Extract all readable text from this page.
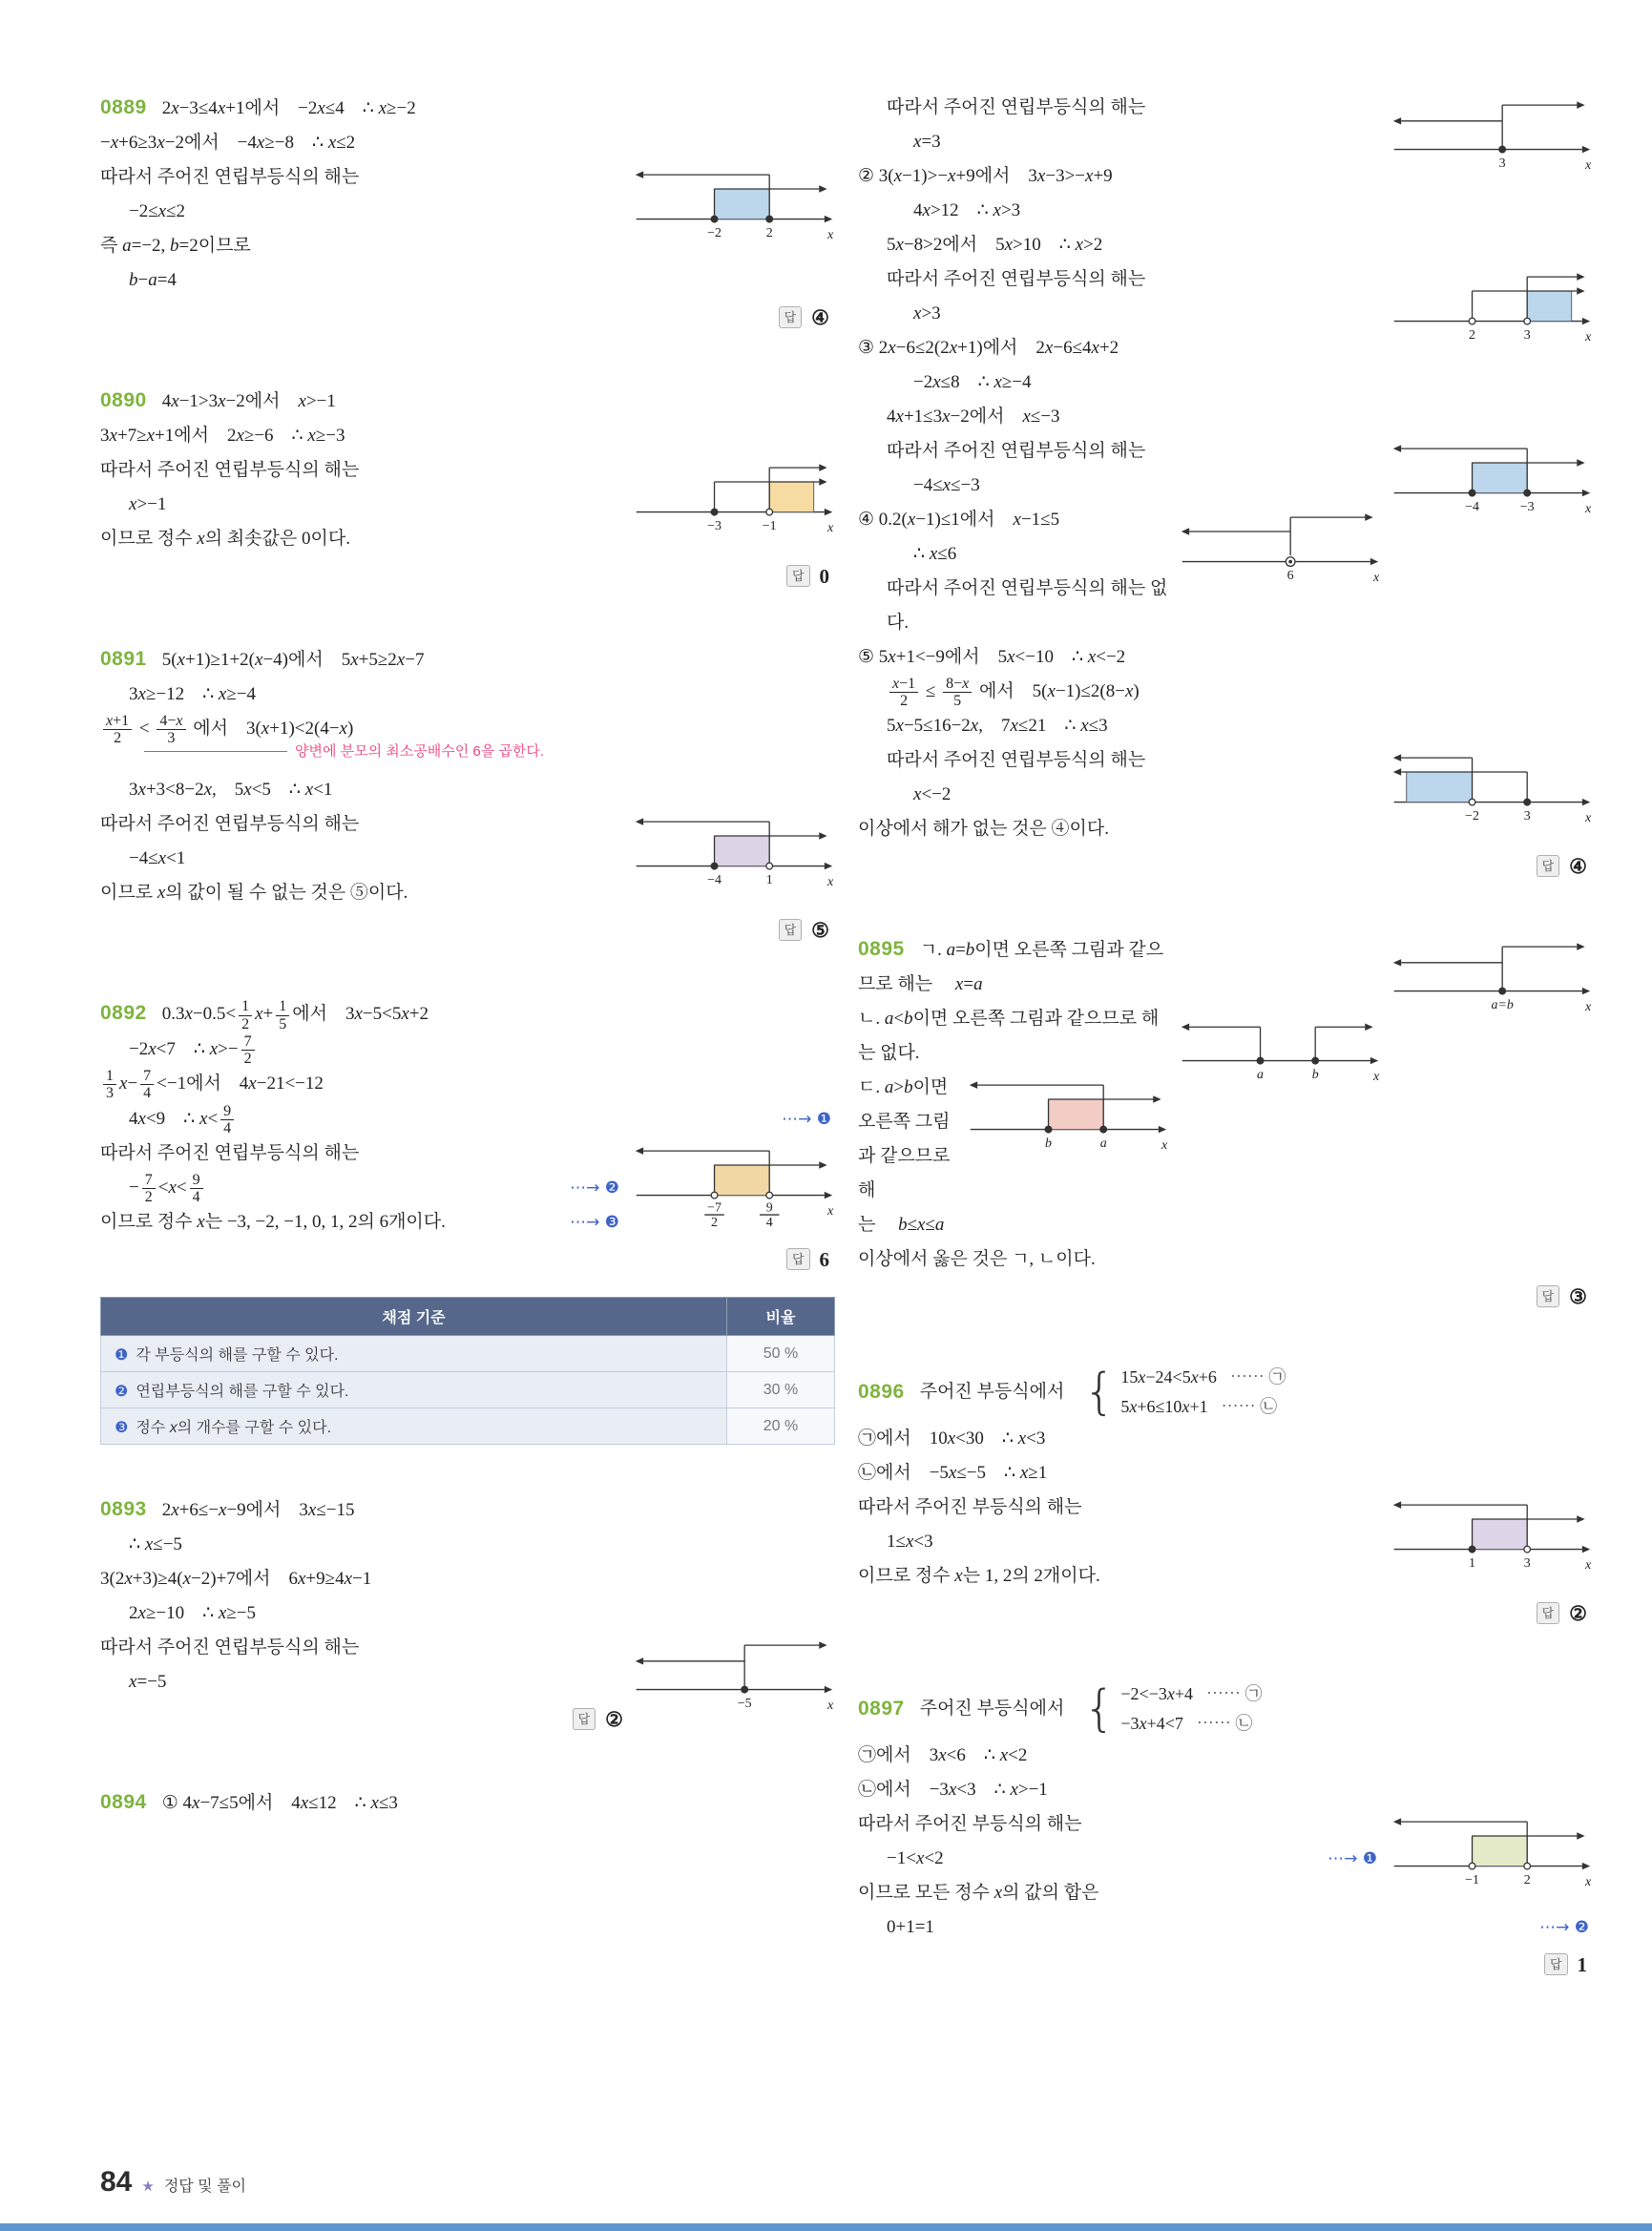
0889 2x−3≤4x+1에서    −2x≤4    ∴ x≥−2
−x+6≥3x−2에서    −4x≥−8    ∴ x≤2
x
−2	2
따라서 주어진 연립부등식의 해는
−2≤x≤2
즉 a=−2, b=2이므로
b−a=4
답 ④
0890 4x−1>3x−2에서    x>−1
3x+7≥x+1에서    2x≥−6    ∴ x≥−3
x
−3	−1
따라서 주어진 연립부등식의 해는
x>−1
이므로 정수 x의 최솟값은 0이다.
답 0
0891 5(x+1)≥1+2(x−4)에서    5x+5≥2x−7
3x≥−12    ∴ x≥−4
$\frac{x+1}{2} < \frac{4-x}{3}$ 에서    3(x+1)<2(4−x)
양변에 분모의 최소공배수인 6을 곱한다.
3x+3<8−2x,    5x<5    ∴ x<1
x
−4	1
따라서 주어진 연립부등식의 해는
−4≤x<1
이므로 x의 값이 될 수 없는 것은 ⑤이다.
답 ⑤
0892 $0.3x-0.5< \frac{1}{2} x+ \frac{1}{5}$ 에서    3x−5<5x+2
−2x<7    ∴ $x>- \frac{7}{2}$
$\frac{1}{3} x- \frac{7}{4} <-1$에서    4x−21<−12
4x<9    ∴ $x< \frac{9}{4}$	⋯→ ❶
x
−7
2
9
4
따라서 주어진 연립부등식의 해는
− $\frac{7}{2} <x< \frac{9}{4}$	⋯→ ❷
이므로 정수 x는 −3, −2, −1, 0, 1, 2의 6개이다.	⋯→ ❸
답 6
채점 기준	비율
❶ 각 부등식의 해를 구할 수 있다.	50 %
❷ 연립부등식의 해를 구할 수 있다.	30 %
❸ 정수 x의 개수를 구할 수 있다.	20 %
0893 2x+6≤−x−9에서    3x≤−15
∴ x≤−5
3(2x+3)≥4(x−2)+7에서    6x+9≥4x−1
2x≥−10    ∴ x≥−5
x
−5
따라서 주어진 연립부등식의 해는
x=−5
답 ②
0894 ① 4x−7≤5에서    4x≤12    ∴ x≤3
x
3
따라서 주어진 연립부등식의 해는
x=3
② 3(x−1)>−x+9에서    3x−3>−x+9
4x>12    ∴ x>3
5x−8>2에서    5x>10    ∴ x>2
x
2	3
따라서 주어진 연립부등식의 해는
x>3
③ 2x−6≤2(2x+1)에서    2x−6≤4x+2
−2x≤8    ∴ x≥−4
4x+1≤3x−2에서    x≤−3
x
−4	−3
따라서 주어진 연립부등식의 해는
−4≤x≤−3
x
6
④ 0.2(x−1)≤1에서    x−1≤5
∴ x≤6
따라서 주어진 연립부등식의 해는 없다.
⑤ 5x+1<−9에서    5x<−10    ∴ x<−2
$\frac{x-1}{2} \le \frac{8-x}{5}$ 에서    5(x−1)≤2(8−x)
5x−5≤16−2x,    7x≤21    ∴ x≤3
x
−2	3
따라서 주어진 연립부등식의 해는
x<−2
이상에서 해가 없는 것은 ④이다.
답 ④
x
a=b
0895 ㄱ. a=b이면 오른쪽 그림과 같으
므로 해는     x=a
x
a	b
ㄴ. a<b이면 오른쪽 그림과 같으므로 해
는 없다.
x
b	a
ㄷ. a>b이면 오른쪽 그림과 같으므로 해
는     b≤x≤a
이상에서 옳은 것은 ㄱ, ㄴ이다.
답 ③
0896 주어진 부등식에서 { 15x−24<5x+6 ⋯⋯ ㉠
5x+6≤10x+1 ⋯⋯ ㉡
㉠에서    10x<30    ∴ x<3
㉡에서    −5x≤−5    ∴ x≥1
x
1	3
따라서 주어진 부등식의 해는
1≤x<3
이므로 정수 x는 1, 2의 2개이다.
답 ②
0897 주어진 부등식에서 { −2<−3x+4 ⋯⋯ ㉠
−3x+4<7 ⋯⋯ ㉡
㉠에서    3x<6    ∴ x<2
㉡에서    −3x<3    ∴ x>−1
x
−1	2
따라서 주어진 부등식의 해는
−1<x<2	⋯→ ❶
이므로 모든 정수 x의 값의 합은
0+1=1	⋯→ ❷
답 1
84 ★ 정답 및 풀이
